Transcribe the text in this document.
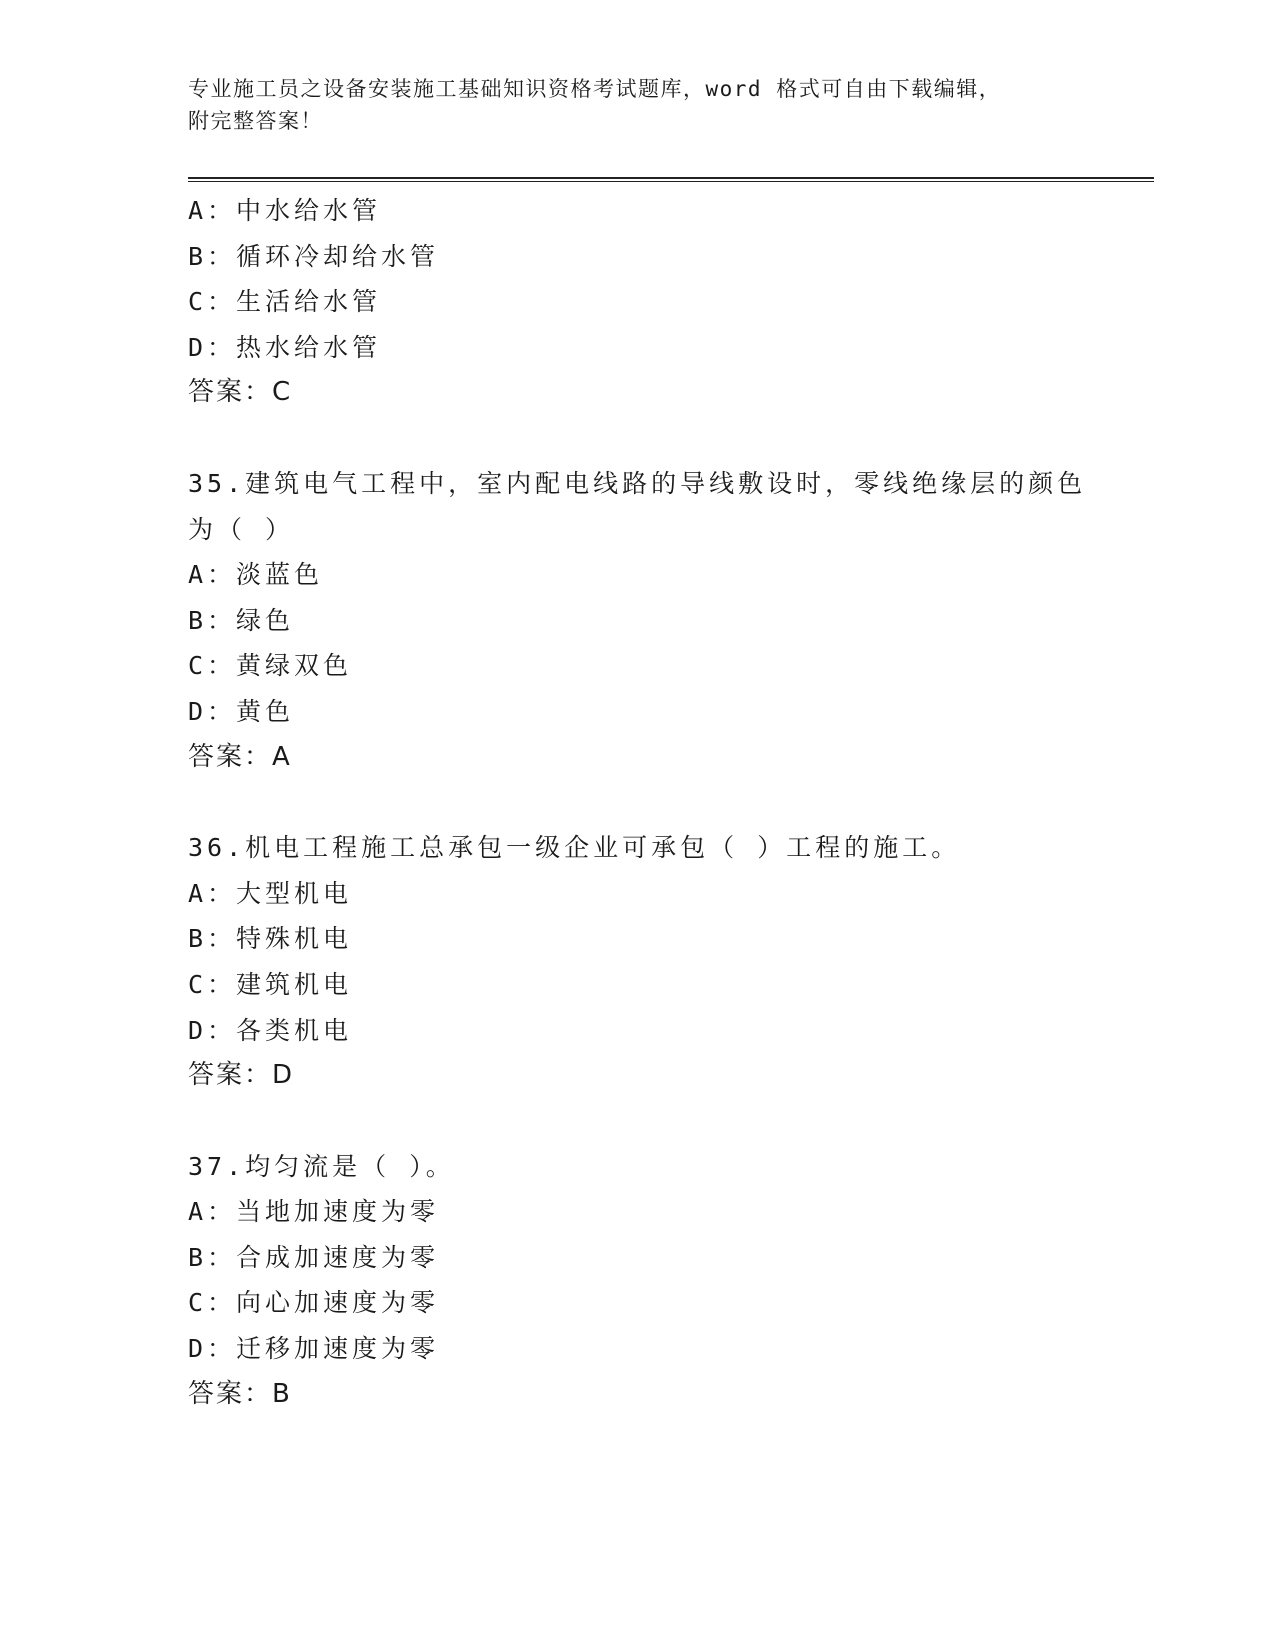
专业施工员之设备安装施工基础知识资格考试题库，word 格式可自由下载编辑，
附完整答案！
A：中水给水管
B：循环冷却给水管
C：生活给水管
D：热水给水管
答案：C
35.建筑电气工程中，室内配电线路的导线敷设时，零线绝缘层的颜色
为（ ）
A：淡蓝色
B：绿色
C：黄绿双色
D：黄色
答案：A
36.机电工程施工总承包一级企业可承包（ ）工程的施工。
A：大型机电
B：特殊机电
C：建筑机电
D：各类机电
答案：D
37.均匀流是（ ）。
A：当地加速度为零
B：合成加速度为零
C：向心加速度为零
D：迁移加速度为零
答案：B
